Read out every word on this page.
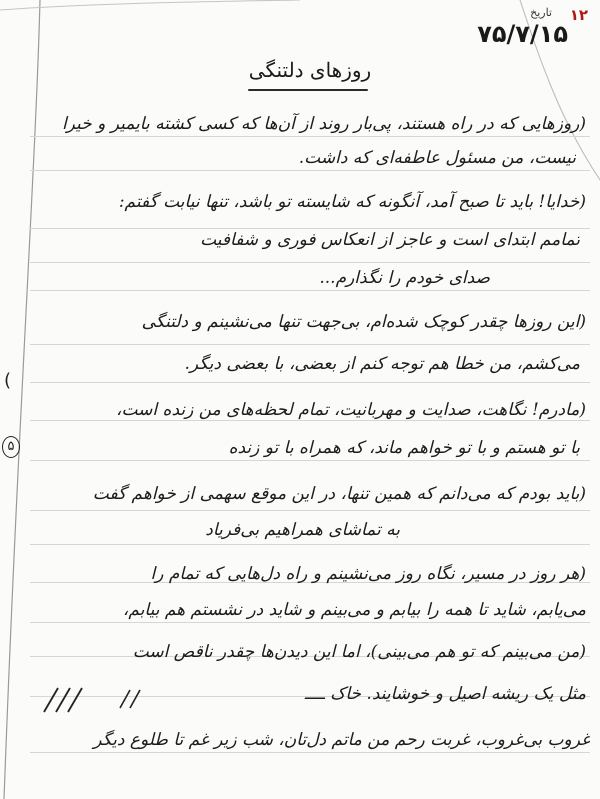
تاریخ ۱۲
۷۵/۷/۱۵
روزهای دلتنگی
(روزهایی که در راه هستند، پی‌بار روند از آن‌ها که کسی کشته بایمیر و خیرا
نیست، من مسئول عاطفه‌ای که داشت.
(خدایا! باید تا صبح آمد، آنگونه که شایسته تو باشد، تنها نیابت گفتم:
تمامم ابتدای است و عاجز از انعکاس فوری و شفافیت
صدای خودم را نگذارم...
(این روزها چقدر کوچک شده‌ام، بی‌جهت تنها می‌نشینم و دلتنگی
می‌کشم، من خطا هم توجه کنم از بعضی، با بعضی دیگر.
(مادرم! نگاهت، صدایت و مهربانیت، تمام لحظه‌های من زنده است،
با تو هستم و با تو خواهم ماند، که همراه با تو زنده
(باید بودم که می‌دانم که همین تنها، در این موقع سهمی از خواهم گفت
به تماشای همراهیم بی‌فریاد
(هر روز در مسیر، نگاه روز می‌نشینم و راه دل‌هایی که تمام را
می‌یابم، شاید تا همه را بیابم و می‌بینم و شاید در نشستم هم بیابم،
(من می‌بینم که تو هم می‌بینی)، اما این دیدن‌ها چقدر ناقص است
مثل یک ریشه اصیل و خوشایند. خاک ــــ
غروب بی‌غروب، غربت رحم من ماتم دل‌تان، شب زیر غم تا طلوع دیگر
(
۵
